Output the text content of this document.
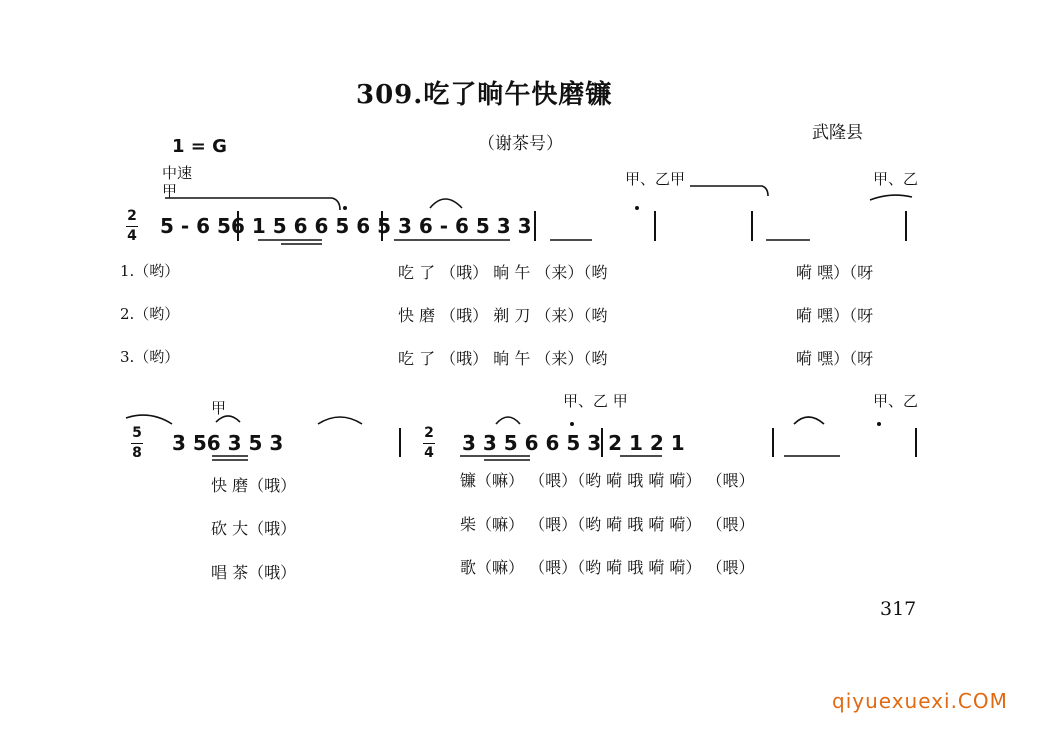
309.吃了晌午快磨镰
（谢茶号）
武隆县
1 = G
中速
甲
2
4 5 - 6 56 1 5 6 6 5 6 5 3 6 - 6 5 3 3
甲、乙甲	甲、乙
1.（哟）	吃 了 （哦） 晌 午 （来）（哟	嗬 嘿）（呀
2.（哟）	快 磨 （哦） 剃 刀 （来）（哟	嗬 嘿）（呀
3.（哟）	吃 了 （哦） 晌 午 （来）（哟	嗬 嘿）（呀
5
8 3 56 3 5 3	2
4 3 3 5 6 6 5 3 2 1 2 1
甲	甲、乙 甲	甲、乙
快 磨（哦）	镰（嘛） （喂）（哟 嗬 哦 嗬 嗬） （喂）
砍 大（哦）	柴（嘛） （喂）（哟 嗬 哦 嗬 嗬） （喂）
唱 茶（哦）	歌（嘛） （喂）（哟 嗬 哦 嗬 嗬） （喂）
317
qiyuexuexi.COM
